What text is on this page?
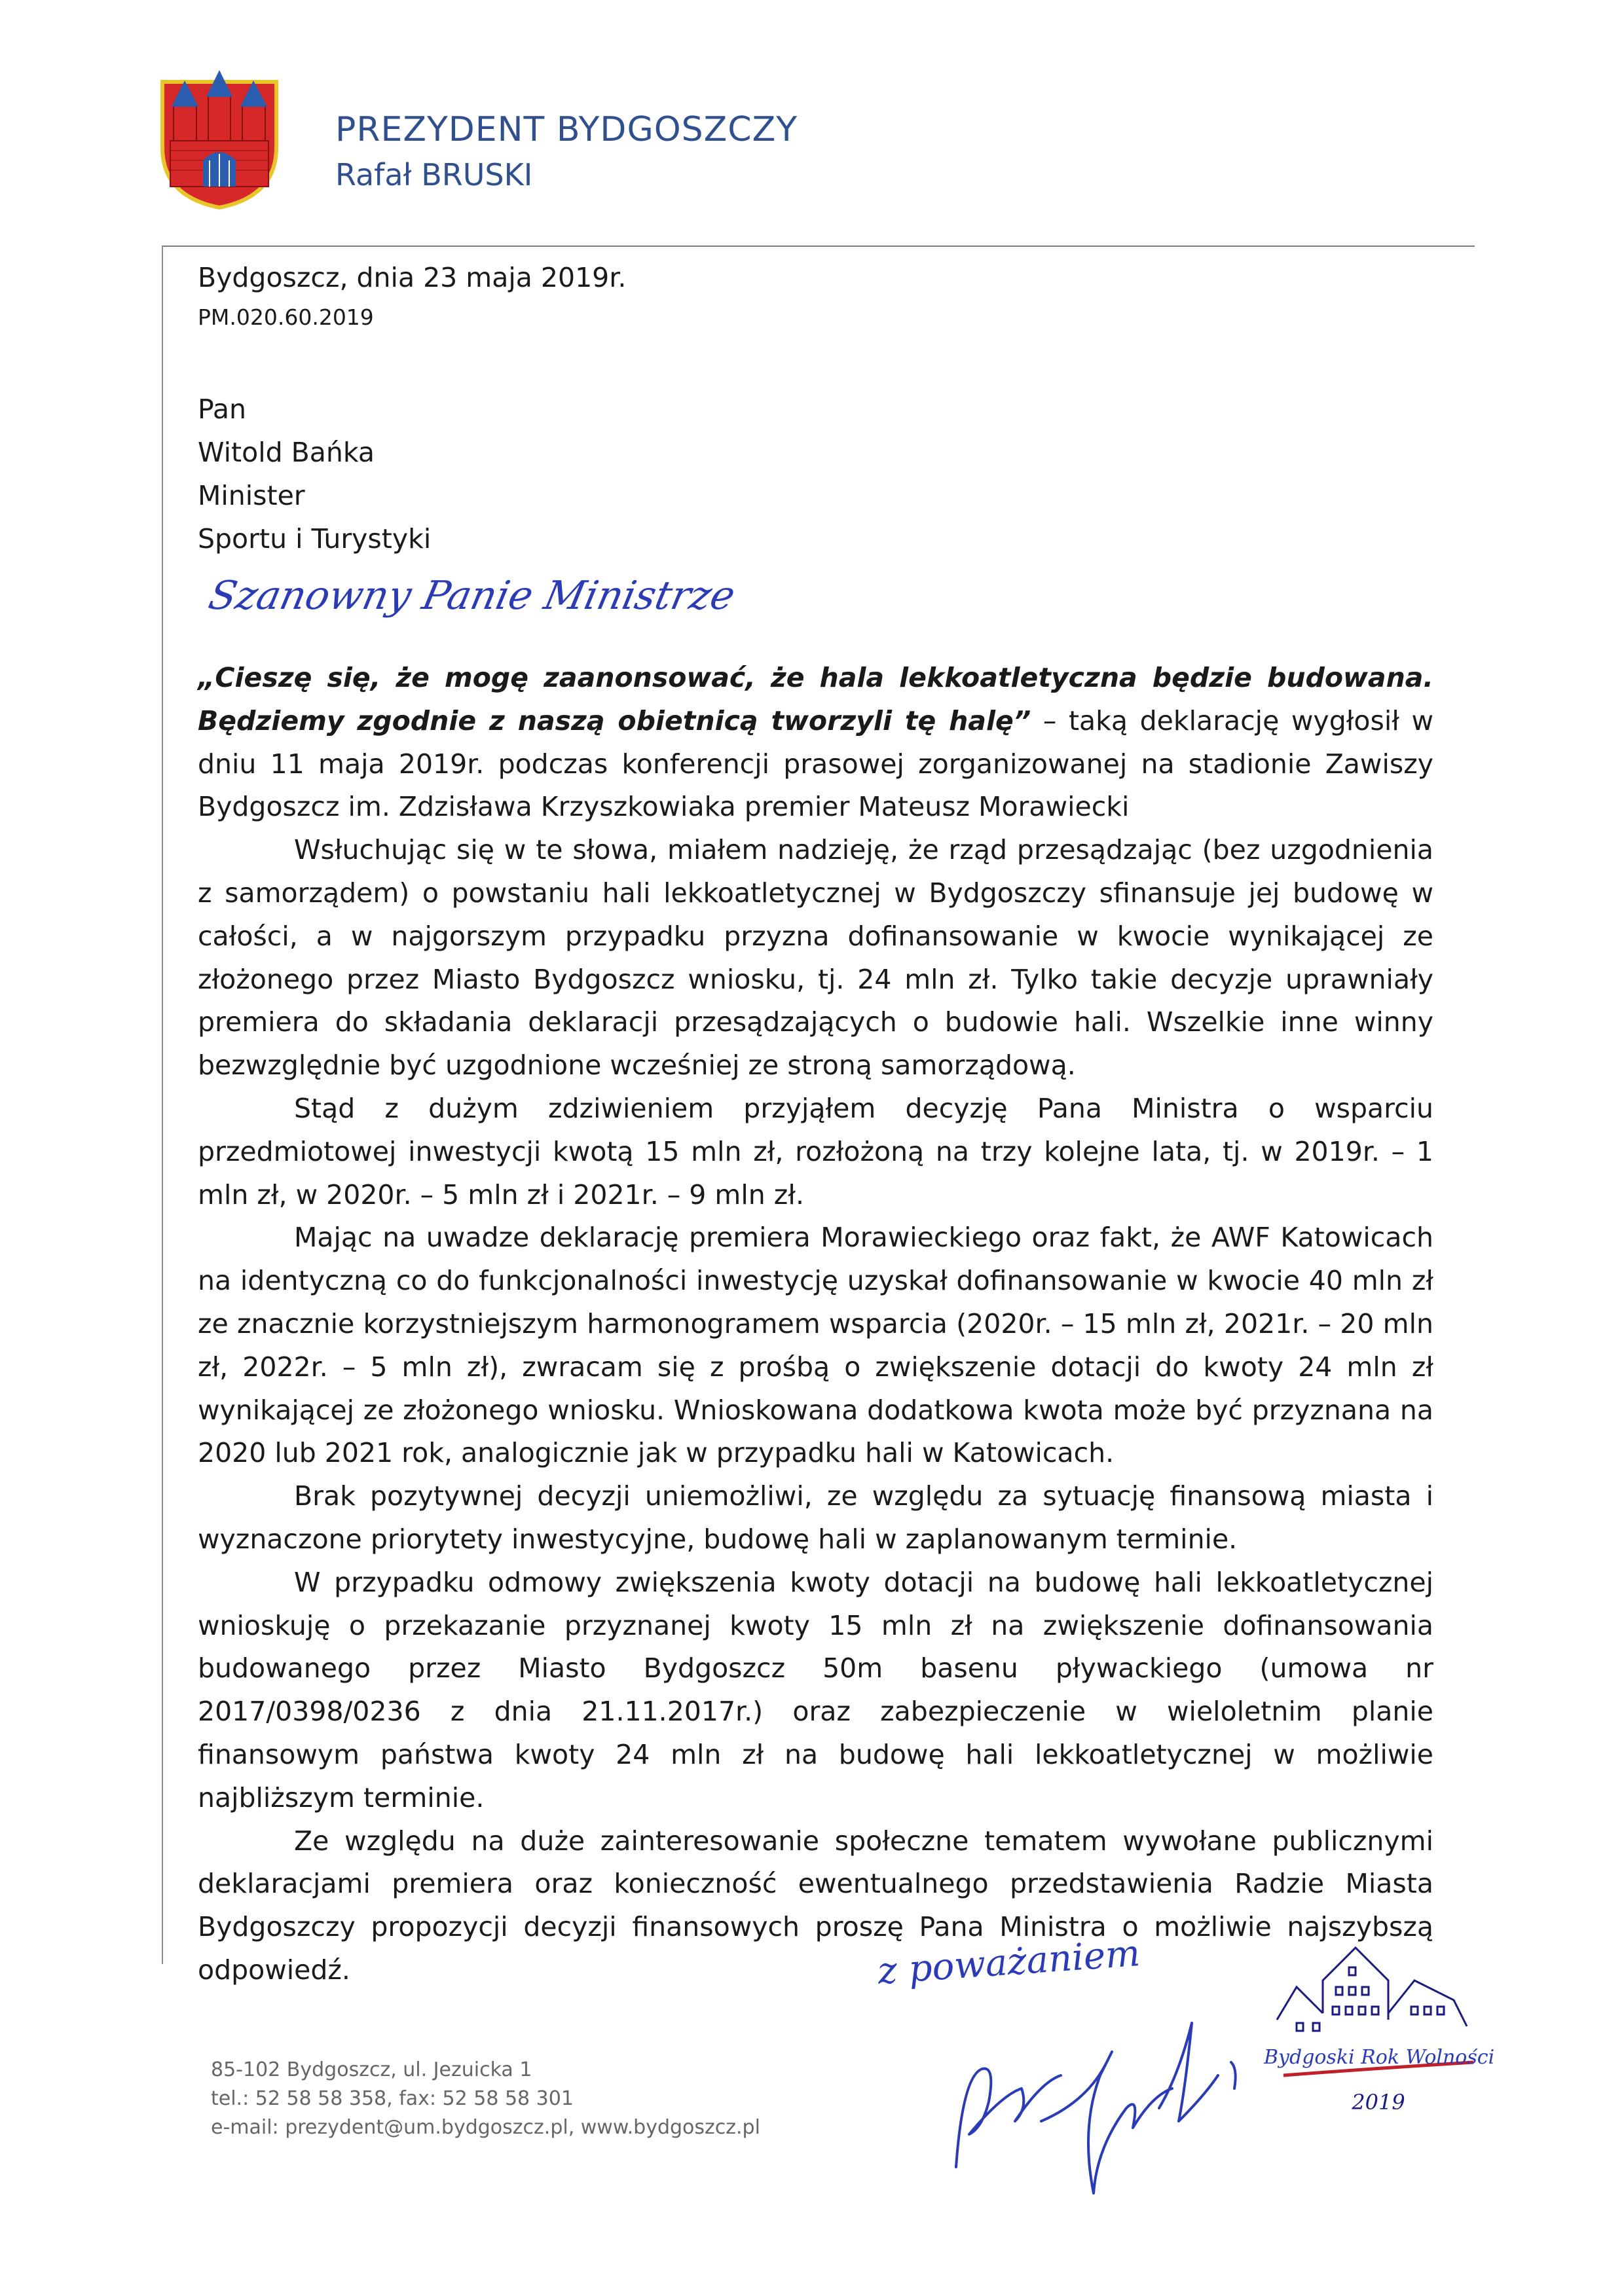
PREZYDENT BYDGOSZCZY
Rafał BRUSKI
Bydgoszcz, dnia 23 maja 2019r.
PM.020.60.2019
Pan
Witold Bańka
Minister
Sportu i Turystyki
Szanowny Panie Ministrze

„Cieszę się, że mogę zaanonsować, że hala lekkoatletyczna będzie budowana. Będziemy zgodnie z naszą obietnicą tworzyli tę halę” – taką deklarację wygłosił w dniu 11 maja 2019r. podczas konferencji prasowej zorganizowanej na stadionie Zawiszy Bydgoszcz im. Zdzisława Krzyszkowiaka premier Mateusz Morawiecki

Wsłuchując się w te słowa, miałem nadzieję, że rząd przesądzając (bez uzgodnienia z samorządem) o powstaniu hali lekkoatletycznej w Bydgoszczy sfinansuje jej budowę w całości, a w najgorszym przypadku przyzna dofinansowanie w kwocie wynikającej ze złożonego przez Miasto Bydgoszcz wniosku, tj. 24 mln zł. Tylko takie decyzje uprawniały premiera do składania deklaracji przesądzających o budowie hali. Wszelkie inne winny bezwzględnie być uzgodnione wcześniej ze stroną samorządową.

Stąd z dużym zdziwieniem przyjąłem decyzję Pana Ministra o wsparciu przedmiotowej inwestycji kwotą 15 mln zł, rozłożoną na trzy kolejne lata, tj. w 2019r. – 1 mln zł, w 2020r. – 5 mln zł i 2021r. – 9 mln zł.

Mając na uwadze deklarację premiera Morawieckiego oraz fakt, że AWF Katowicach na identyczną co do funkcjonalności inwestycję uzyskał dofinansowanie w kwocie 40 mln zł ze znacznie korzystniejszym harmonogramem wsparcia (2020r. – 15 mln zł, 2021r. – 20 mln zł, 2022r. – 5 mln zł), zwracam się z prośbą o zwiększenie dotacji do kwoty 24 mln zł wynikającej ze złożonego wniosku. Wnioskowana dodatkowa kwota może być przyznana na 2020 lub 2021 rok, analogicznie jak w przypadku hali w Katowicach.

Brak pozytywnej decyzji uniemożliwi, ze względu za sytuację finansową miasta i wyznaczone priorytety inwestycyjne, budowę hali w zaplanowanym terminie.

W przypadku odmowy zwiększenia kwoty dotacji na budowę hali lekkoatletycznej wnioskuję o przekazanie przyznanej kwoty 15 mln zł na zwiększenie dofinansowania budowanego przez Miasto Bydgoszcz 50m basenu pływackiego (umowa nr 2017/0398/0236 z dnia 21.11.2017r.) oraz zabezpieczenie w wieloletnim planie finansowym państwa kwoty 24 mln zł na budowę hali lekkoatletycznej w możliwie najbliższym terminie.

Ze względu na duże zainteresowanie społeczne tematem wywołane publicznymi deklaracjami premiera oraz konieczność ewentualnego przedstawienia Radzie Miasta Bydgoszczy propozycji decyzji finansowych proszę Pana Ministra o możliwie najszybszą odpowiedź.	z poważaniem
Bydgoski Rok Wolności
2019
85-102 Bydgoszcz, ul. Jezuicka 1
tel.: 52 58 58 358, fax: 52 58 58 301
e-mail: prezydent@um.bydgoszcz.pl, www.bydgoszcz.pl
